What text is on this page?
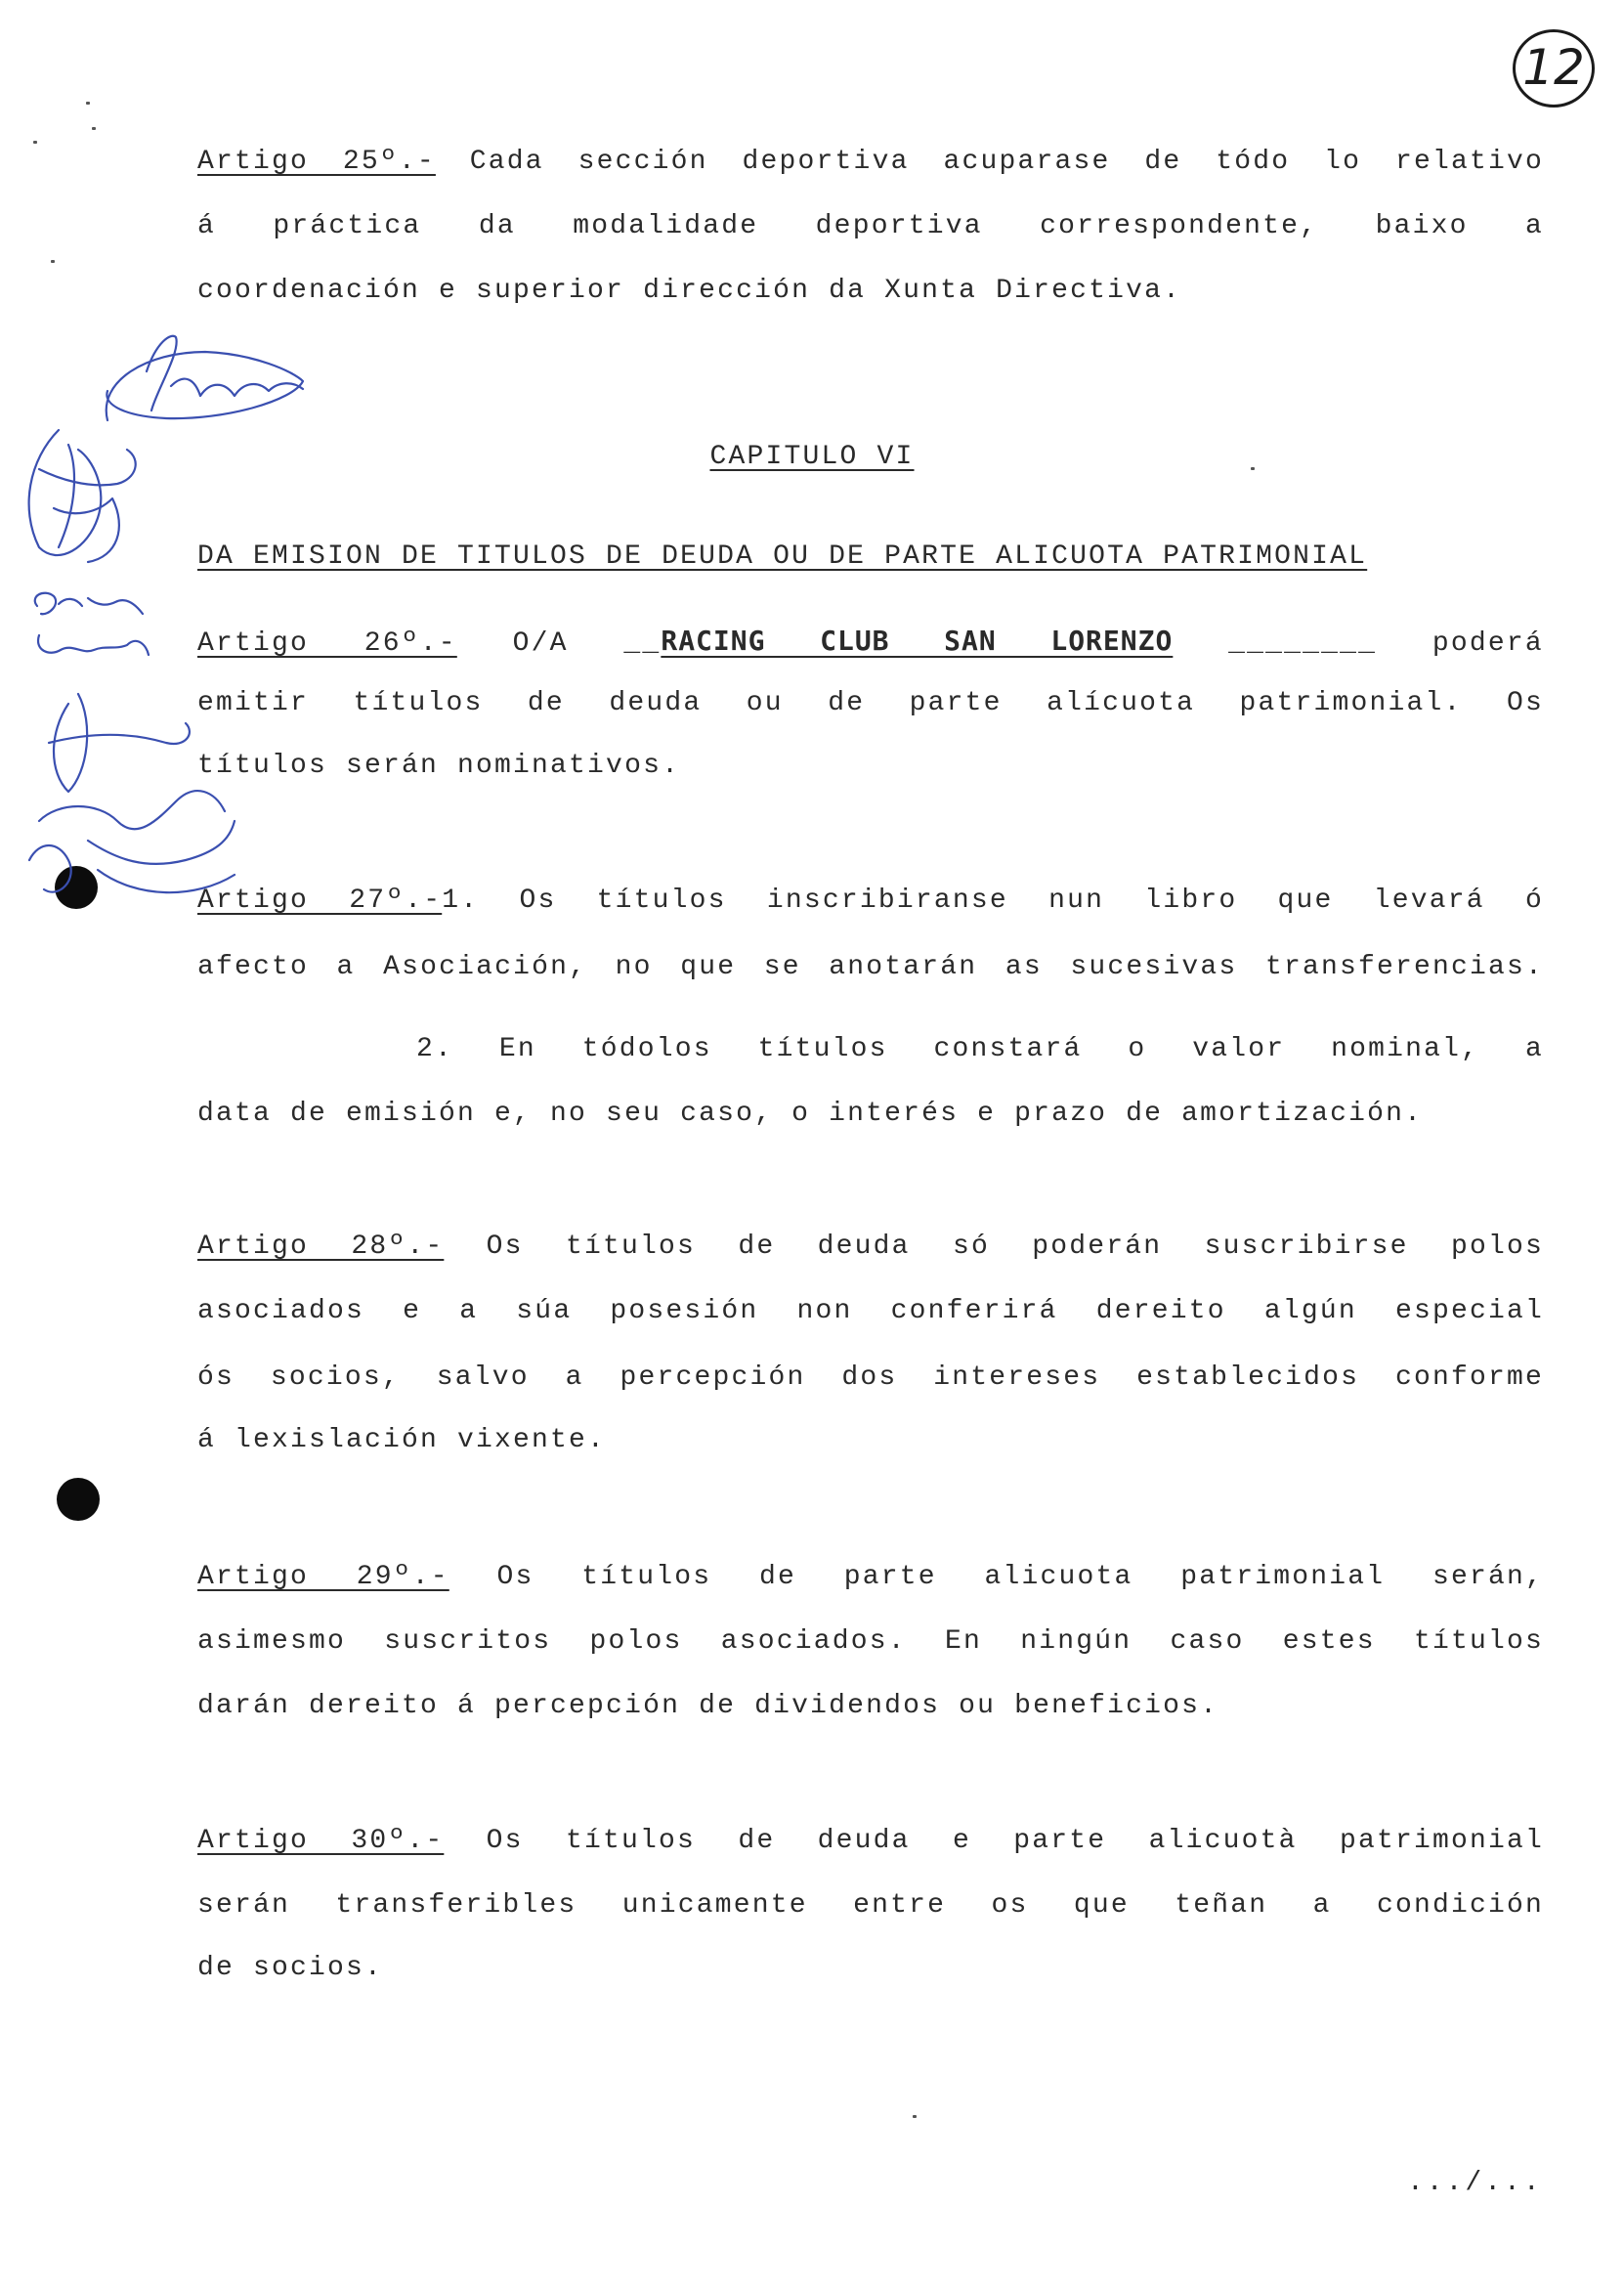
12
Artigo 25º.- Cada sección deportiva acuparase de tódo lo relativo
á práctica da modalidade deportiva correspondente, baixo a
coordenación e superior dirección da Xunta Directiva.
CAPITULO VI
DA EMISION DE TITULOS DE DEUDA OU DE PARTE ALICUOTA PATRIMONIAL
Artigo 26º.- O/A __RACING CLUB SAN LORENZO ________ poderá
emitir títulos de deuda ou de parte alícuota patrimonial. Os
títulos serán nominativos.
Artigo 27º.-1. Os títulos inscribiranse nun libro que levará ó
afecto a Asociación, no que se anotarán as sucesivas transferencias.
2. En tódolos títulos constará o valor nominal, a
data de emisión e, no seu caso, o interés e prazo de amortización.
Artigo 28º.- Os títulos de deuda só poderán suscribirse polos
asociados e a súa posesión non conferirá dereito algún especial
ós socios, salvo a percepción dos intereses establecidos conforme
á lexislación vixente.
Artigo 29º.- Os títulos de parte alicuota patrimonial serán,
asimesmo suscritos polos asociados. En ningún caso estes títulos
darán dereito á percepción de dividendos ou beneficios.
Artigo 30º.- Os títulos de deuda e parte alicuotà patrimonial
serán transferibles unicamente entre os que teñan a condición
de socios.
.../...
